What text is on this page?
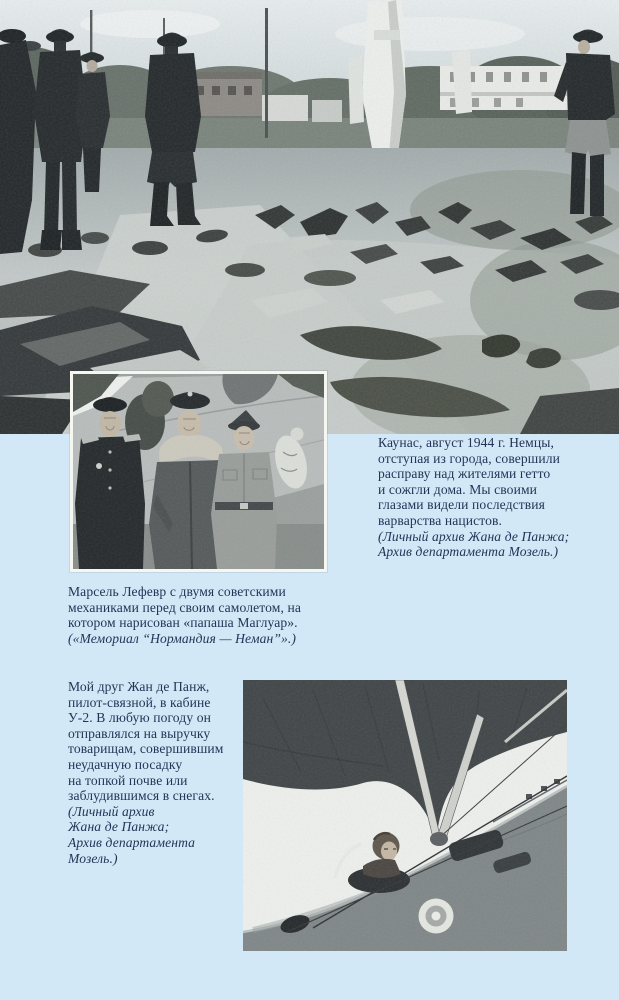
Каунас, август 1944 г. Немцы,
отступая из города, совершили
расправу над жителями гетто
и сожгли дома. Мы своими
глазами видели последствия
варварства нацистов.
(Личный архив Жана де Панжа;
Архив департамента Мозель.)
Марсель Лефевр с двумя советскими
механиками перед своим самолетом, на
котором нарисован «папаша Маглуар».
(«Мемориал “Нормандия — Неман”».)
Мой друг Жан де Панж,
пилот-связной, в кабине
У-2. В любую погоду он
отправлялся на выручку
товарищам, совершившим
неудачную посадку
на топкой почве или
заблудившимся в снегах.
(Личный архив
Жана де Панжа;
Архив департамента
Мозель.)
